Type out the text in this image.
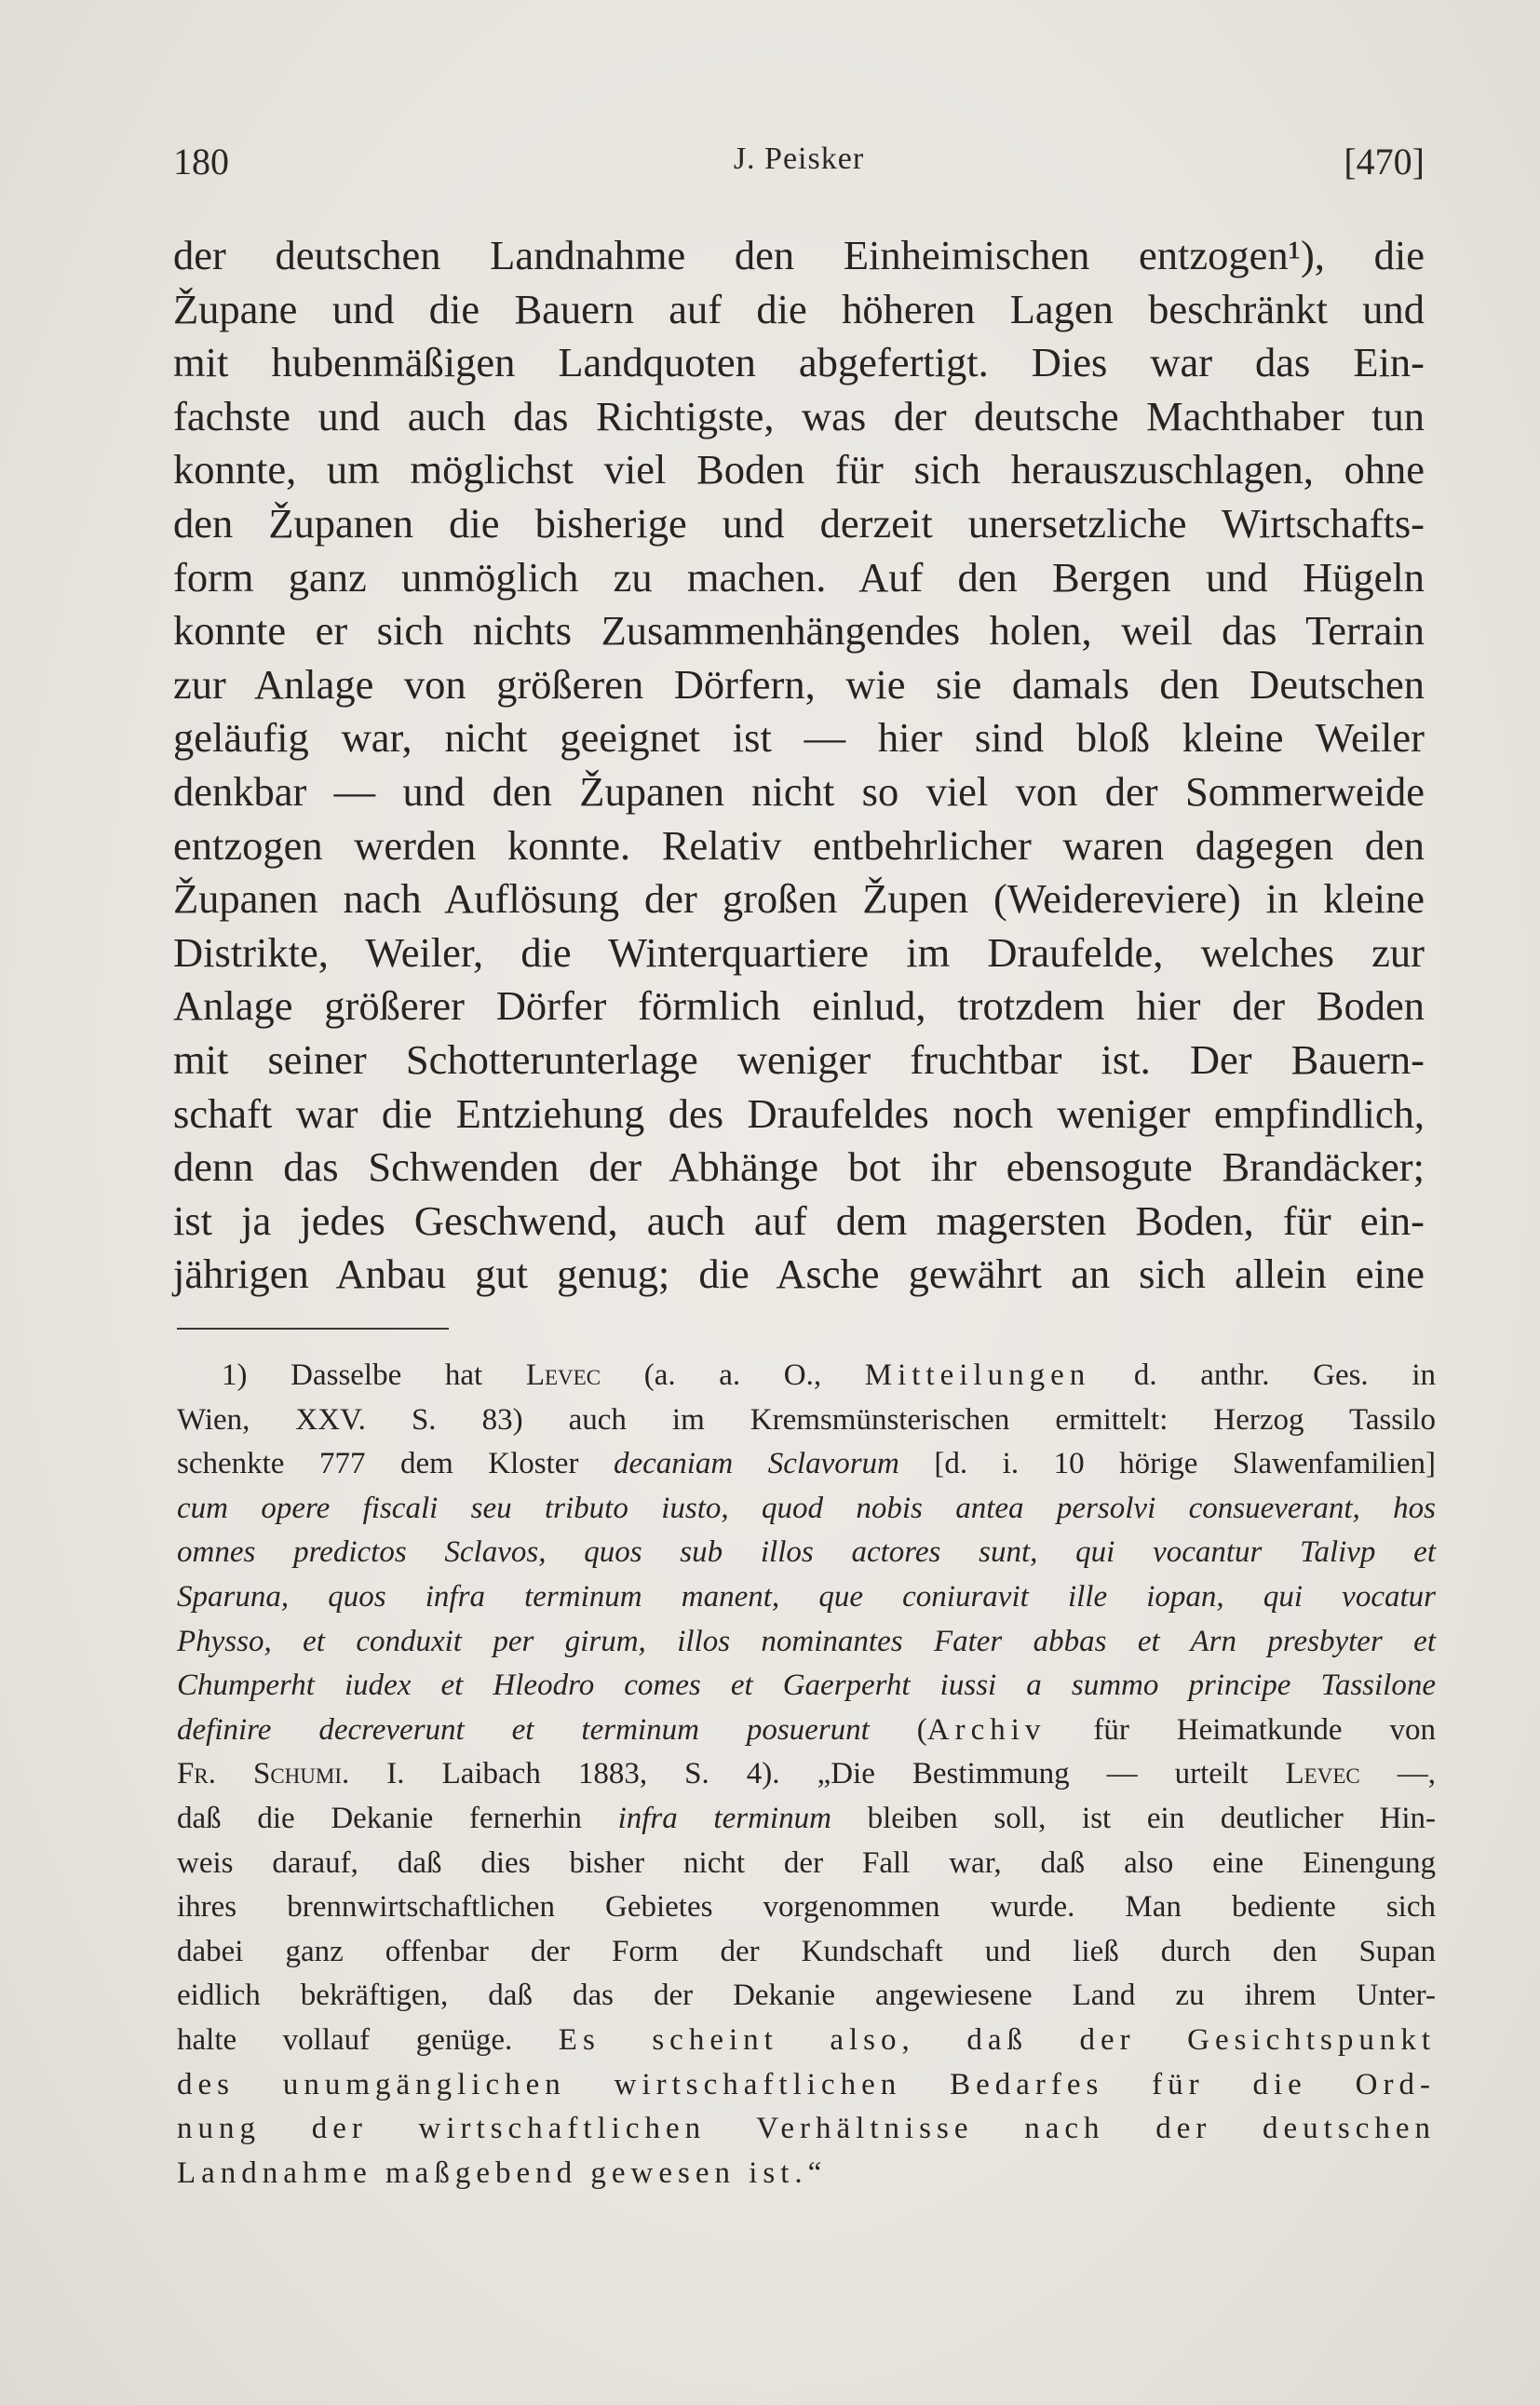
180	J. Peisker	[470]
der deutschen Landnahme den Einheimischen entzogen¹), die
Župane und die Bauern auf die höheren Lagen beschränkt und
mit hubenmäßigen Landquoten abgefertigt. Dies war das Ein-
fachste und auch das Richtigste, was der deutsche Machthaber tun
konnte, um möglichst viel Boden für sich herauszuschlagen, ohne
den Županen die bisherige und derzeit unersetzliche Wirtschafts-
form ganz unmöglich zu machen. Auf den Bergen und Hügeln
konnte er sich nichts Zusammenhängendes holen, weil das Terrain
zur Anlage von größeren Dörfern, wie sie damals den Deutschen
geläufig war, nicht geeignet ist — hier sind bloß kleine Weiler
denkbar — und den Županen nicht so viel von der Sommerweide
entzogen werden konnte. Relativ entbehrlicher waren dagegen den
Županen nach Auflösung der großen Župen (Weidereviere) in kleine
Distrikte, Weiler, die Winterquartiere im Draufelde, welches zur
Anlage größerer Dörfer förmlich einlud, trotzdem hier der Boden
mit seiner Schotterunterlage weniger fruchtbar ist. Der Bauern-
schaft war die Entziehung des Draufeldes noch weniger empfindlich,
denn das Schwenden der Abhänge bot ihr ebensogute Brandäcker;
ist ja jedes Geschwend, auch auf dem magersten Boden, für ein-
jährigen Anbau gut genug; die Asche gewährt an sich allein eine
1) Dasselbe hat Levec (a. a. O., Mitteilungen d. anthr. Ges. in
Wien, XXV. S. 83) auch im Kremsmünsterischen ermittelt: Herzog Tassilo
schenkte 777 dem Kloster decaniam Sclavorum [d. i. 10 hörige Slawenfamilien]
cum opere fiscali seu tributo iusto, quod nobis antea persolvi consueverant, hos
omnes predictos Sclavos, quos sub illos actores sunt, qui vocantur Talivp et
Sparuna, quos infra terminum manent, que coniuravit ille iopan, qui vocatur
Physso, et conduxit per girum, illos nominantes Fater abbas et Arn presbyter et
Chumperht iudex et Hleodro comes et Gaerperht iussi a summo principe Tassilone
definire decreverunt et terminum posuerunt (Archiv für Heimatkunde von
Fr. Schumi. I. Laibach 1883, S. 4). „Die Bestimmung — urteilt Levec —,
daß die Dekanie fernerhin infra terminum bleiben soll, ist ein deutlicher Hin-
weis darauf, daß dies bisher nicht der Fall war, daß also eine Einengung
ihres brennwirtschaftlichen Gebietes vorgenommen wurde. Man bediente sich
dabei ganz offenbar der Form der Kundschaft und ließ durch den Supan
eidlich bekräftigen, daß das der Dekanie angewiesene Land zu ihrem Unter-
halte vollauf genüge. Es scheint also, daß der Gesichtspunkt
des unumgänglichen wirtschaftlichen Bedarfes für die Ord-
nung der wirtschaftlichen Verhältnisse nach der deutschen
Landnahme maßgebend gewesen ist.“
